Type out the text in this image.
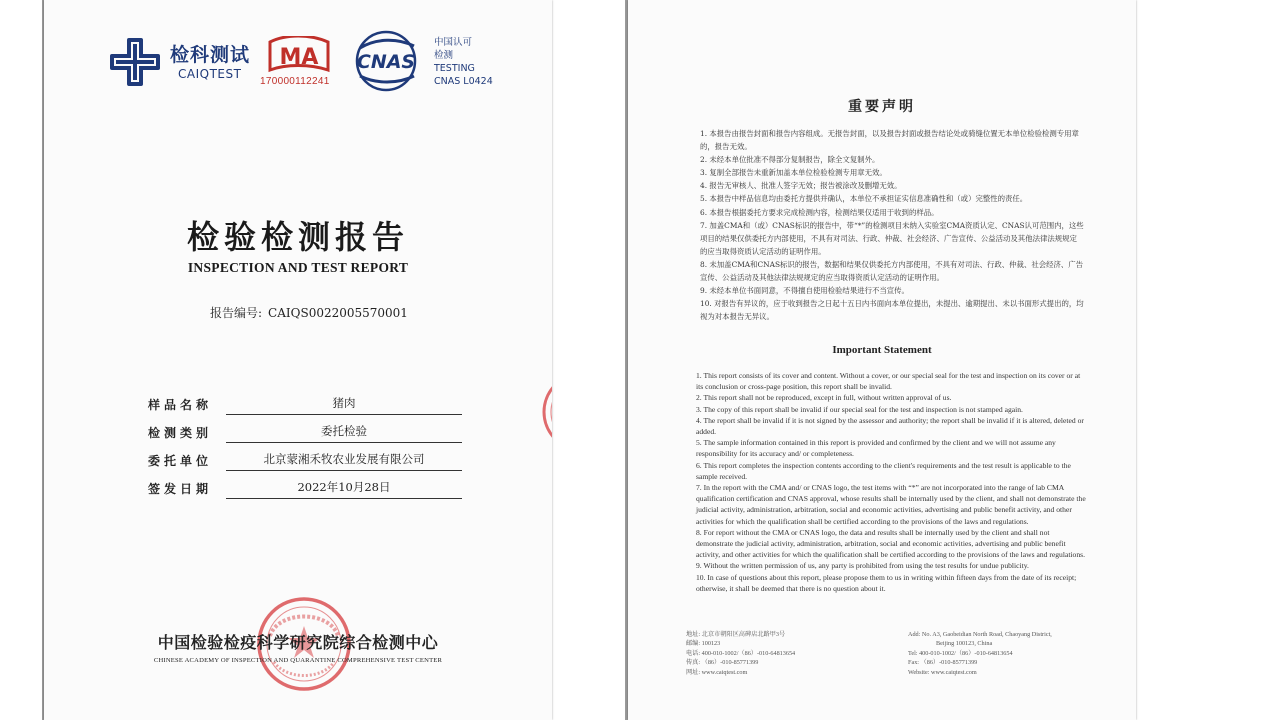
检科测试
CAIQTEST
MA
170000112241
CNAS
中国认可
检测
TESTING
CNAS L0424
检验检测报告
INSPECTION AND TEST REPORT
报告编号: CAIQS0022005570001
样品名称	猪肉
检测类别	委托检验
委托单位	北京蒙湘禾牧农业发展有限公司
签发日期	2022年10月28日
中国检验检疫科学研究院综合检测中心
CHINESE ACADEMY OF INSPECTION AND QUARANTINE COMPREHENSIVE TEST CENTER
重要声明
1. 本报告由报告封面和报告内容组成。无报告封面，以及报告封面或报告结论处或骑缝位置无本单位检验检测专用章的，报告无效。
2. 未经本单位批准不得部分复制报告，除全文复制外。
3. 复制全部报告未重新加盖本单位检验检测专用章无效。
4. 报告无审核人、批准人签字无效；报告被涂改及删增无效。
5. 本报告中样品信息均由委托方提供并确认，本单位不承担证实信息准确性和（或）完整性的责任。
6. 本报告根据委托方要求完成检测内容，检测结果仅适用于收到的样品。
7. 加盖CMA和（或）CNAS标识的报告中，带“*”的检测项目未纳入实验室CMA资质认定、CNAS认可范围内，这些项目的结果仅供委托方内部使用，不具有对司法、行政、仲裁、社会经济、广告宣传、公益活动及其他法律法规规定的应当取得资质认定活动的证明作用。
8. 未加盖CMA和CNAS标识的报告，数据和结果仅供委托方内部使用，不具有对司法、行政、仲裁、社会经济、广告宣传、公益活动及其他法律法规规定的应当取得资质认定活动的证明作用。
9. 未经本单位书面同意，不得擅自使用检验结果进行不当宣传。
10. 对报告有异议的，应于收到报告之日起十五日内书面向本单位提出，未提出、逾期提出、未以书面形式提出的，均视为对本报告无异议。
Important Statement
1. This report consists of its cover and content. Without a cover, or our special seal for the test and inspection on its cover or at its conclusion or cross-page position, this report shall be invalid.
2. This report shall not be reproduced, except in full, without written approval of us.
3. The copy of this report shall be invalid if our special seal for the test and inspection is not stamped again.
4. The report shall be invalid if it is not signed by the assessor and authority; the report shall be invalid if it is altered, deleted or added.
5. The sample information contained in this report is provided and confirmed by the client and we will not assume any responsibility for its accuracy and/ or completeness.
6. This report completes the inspection contents according to the client's requirements and the test result is applicable to the sample received.
7. In the report with the CMA and/ or CNAS logo, the test items with “*” are not incorporated into the range of lab CMA qualification certification and CNAS approval, whose results shall be internally used by the client, and shall not demonstrate the judicial activity, administration, arbitration, social and economic activities, advertising and public benefit activity, and other activities for which the qualification shall be certified according to the provisions of the laws and regulations.
8. For report without the CMA or CNAS logo, the data and results shall be internally used by the client and shall not demonstrate the judicial activity, administration, arbitration, social and economic activities, advertising and public benefit activity, and other activities for which the qualification shall be certified according to the provisions of the laws and regulations.
9. Without the written permission of us, any party is prohibited from using the test results for undue publicity.
10. In case of questions about this report, please propose them to us in writing within fifteen days from the date of its receipt; otherwise, it shall be deemed that there is no question about it.
地址: 北京市朝阳区高碑店北路甲3号
邮编: 100123
电话: 400-010-1002/（86）-010-64813654
传真: （86）-010-85771399
网址: www.caiqtest.com
Add: No. A3, Gaobeidian North Road, Chaoyang District,
Beijing 100123, China
Tel: 400-010-1002/（86）-010-64813654
Fax: （86）-010-85771399
Website: www.caiqtest.com
